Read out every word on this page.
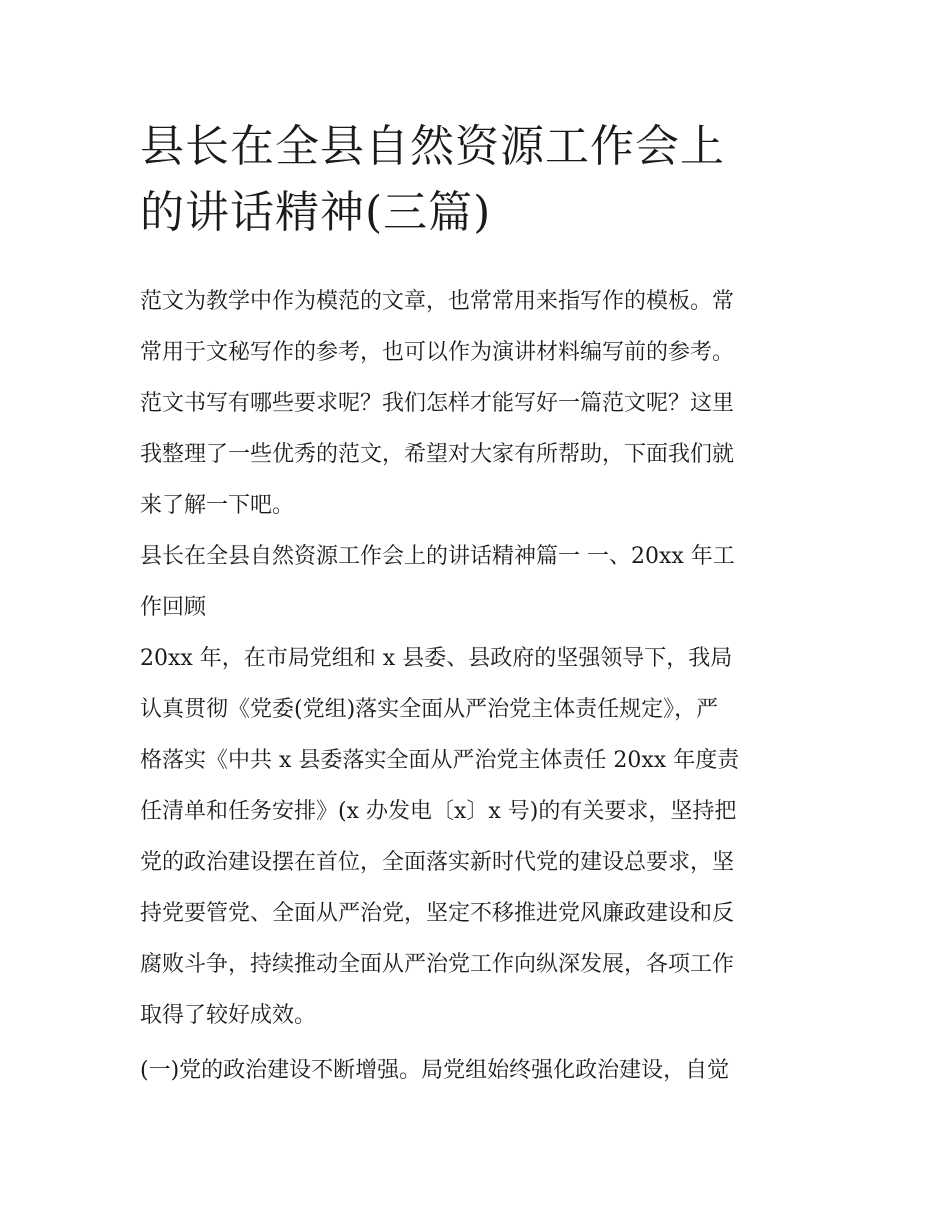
县长在全县自然资源工作会上
的讲话精神(三篇)
范文为教学中作为模范的文章，也常常用来指写作的模板。常
常用于文秘写作的参考，也可以作为演讲材料编写前的参考。
范文书写有哪些要求呢？我们怎样才能写好一篇范文呢？这里
我整理了一些优秀的范文，希望对大家有所帮助，下面我们就
来了解一下吧。
县长在全县自然资源工作会上的讲话精神篇一 一、20xx 年工
作回顾
20xx 年，在市局党组和 x 县委、县政府的坚强领导下，我局
认真贯彻《党委(党组)落实全面从严治党主体责任规定》，严
格落实《中共 x 县委落实全面从严治党主体责任 20xx 年度责
任清单和任务安排》(x 办发电〔x〕x 号)的有关要求，坚持把
党的政治建设摆在首位，全面落实新时代党的建设总要求，坚
持党要管党、全面从严治党，坚定不移推进党风廉政建设和反
腐败斗争，持续推动全面从严治党工作向纵深发展，各项工作
取得了较好成效。
(一)党的政治建设不断增强。局党组始终强化政治建设，自觉
